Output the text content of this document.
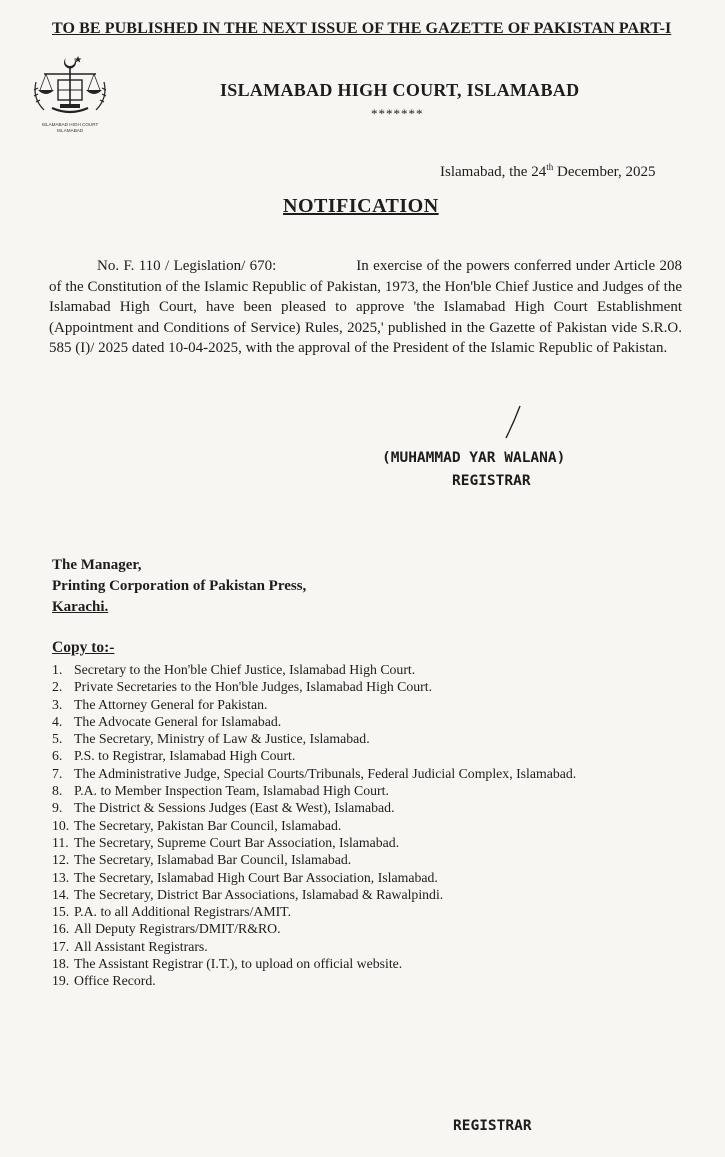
TO BE PUBLISHED IN THE NEXT ISSUE OF THE GAZETTE OF PAKISTAN PART-I
ISLAMABAD HIGH COURT
ISLAMABAD
ISLAMABAD HIGH COURT, ISLAMABAD
*******
Islamabad, the 24th December, 2025
NOTIFICATION

No. F. 110 / Legislation/ 670:	In exercise of the powers conferred under Article 208 of the Constitution of the Islamic Republic of Pakistan, 1973, the Hon'ble Chief Justice and Judges of the Islamabad High Court, have been pleased to approve 'the Islamabad High Court Establishment (Appointment and Conditions of Service) Rules, 2025,' published in the Gazette of Pakistan vide S.R.O. 585 (I)/ 2025 dated 10-04-2025, with the approval of the President of the Islamic Republic of Pakistan.

(MUHAMMAD YAR WALANA)
REGISTRAR
The Manager,
Printing Corporation of Pakistan Press,
Karachi.
Copy to:-
1. Secretary to the Hon'ble Chief Justice, Islamabad High Court.
2. Private Secretaries to the Hon'ble Judges, Islamabad High Court.
3. The Attorney General for Pakistan.
4. The Advocate General for Islamabad.
5. The Secretary, Ministry of Law & Justice, Islamabad.
6. P.S. to Registrar, Islamabad High Court.
7. The Administrative Judge, Special Courts/Tribunals, Federal Judicial Complex, Islamabad.
8. P.A. to Member Inspection Team, Islamabad High Court.
9. The District & Sessions Judges (East & West), Islamabad.
10. The Secretary, Pakistan Bar Council, Islamabad.
11. The Secretary, Supreme Court Bar Association, Islamabad.
12. The Secretary, Islamabad Bar Council, Islamabad.
13. The Secretary, Islamabad High Court Bar Association, Islamabad.
14. The Secretary, District Bar Associations, Islamabad & Rawalpindi.
15. P.A. to all Additional Registrars/AMIT.
16. All Deputy Registrars/DMIT/R&RO.
17. All Assistant Registrars.
18. The Assistant Registrar (I.T.), to upload on official website.
19. Office Record.
REGISTRAR
